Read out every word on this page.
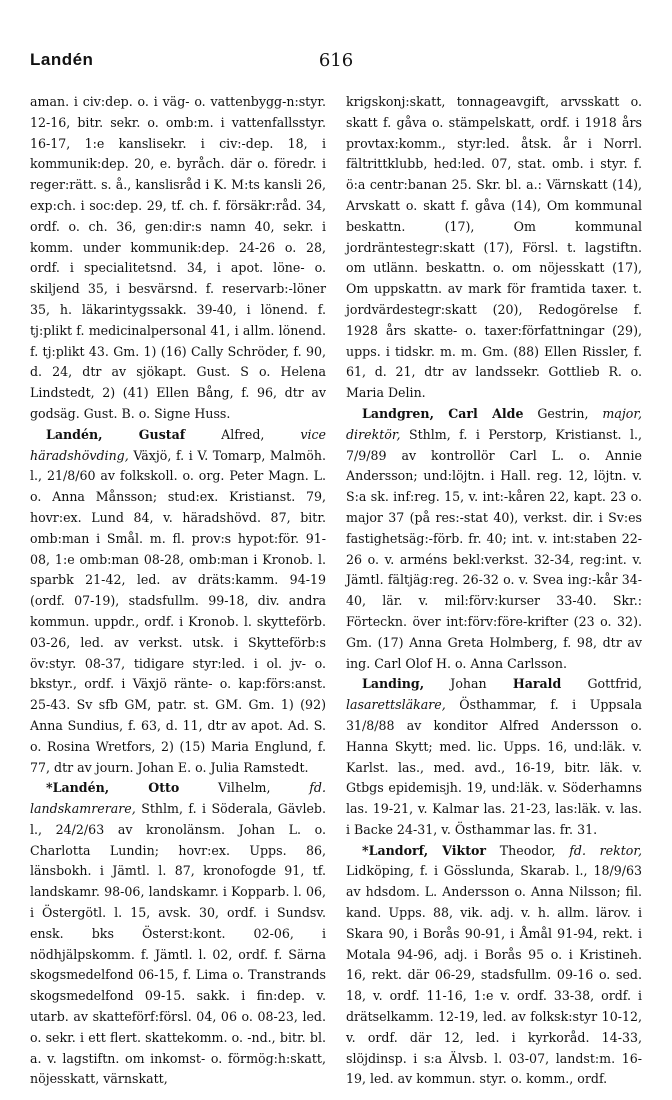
Landén	616

aman. i civ:dep. o. i väg- o. vattenbygg-n:styr. 12-16, bitr. sekr. o. omb:m. i vattenfallsstyr. 16-17, 1:e kanslisekr. i civ:-dep. 18, i kommunik:dep. 20, e. byråch. där o. föredr. i reger:rätt. s. å., kanslisråd i K. M:ts kansli 26, exp:ch. i soc:dep. 29, tf. ch. f. försäkr:råd. 34, ordf. o. ch. 36, gen:dir:s namn 40, sekr. i komm. under kommunik:dep. 24-26 o. 28, ordf. i specialitetsnd. 34, i apot. löne- o. skiljend 35, i besvärsnd. f. reservarb:-löner 35, h. läkarintygssakk. 39-40, i lönend. f. tj:plikt f. medicinalpersonal 41, i allm. lönend. f. tj:plikt 43. Gm. 1) (16) Cally Schröder, f. 90, d. 24, dtr av sjökapt. Gust. S o. Helena Lindstedt, 2) (41) Ellen Bång, f. 96, dtr av godsäg. Gust. B. o. Signe Huss.

Landén, Gustaf	Alfred,	vice häradshövding, Växjö, f. i V. Tomarp, Malmöh. l., 21/8/60 av folkskoll. o. org. Peter Magn. L. o. Anna Månsson; stud:ex. Kristianst. 79, hovr:ex. Lund 84, v. häradshövd. 87, bitr. omb:man i Smål. m. fl. prov:s hypot:för. 91-08, 1:e omb:man 08-28, omb:man i Kronob. l. sparbk 21-42, led. av dräts:kamm. 94-19 (ordf. 07-19), stadsfullm. 99-18, div. andra kommun. uppdr., ordf. i Kronob. l. skytteförb. 03-26, led. av verkst. utsk. i Skytteförb:s öv:styr. 08-37, tidigare styr:led. i ol. jv- o. bkstyr., ordf. i Växjö ränte- o. kap:förs:anst. 25-43. Sv sfb GM, patr. st. GM. Gm. 1) (92) Anna Sundius, f. 63, d. 11, dtr av apot. Ad. S. o. Rosina Wretfors, 2) (15) Maria Englund, f. 77, dtr av journ. Johan E. o. Julia Ramstedt.

*Landén, Otto	Vilhelm,	fd. landskamrerare, Sthlm, f. i Söderala, Gävleb. l., 24/2/63 av kronolänsm. Johan L. o. Charlotta Lundin; hovr:ex. Upps. 86, länsbokh. i Jämtl. l. 87, kronofogde 91, tf. landskamr. 98-06, landskamr. i Kopparb. l. 06, i Östergötl. l. 15, avsk. 30, ordf. i Sundsv. ensk. bks Österst:kont. 02-06, i nödhjälpskomm. f. Jämtl. l. 02, ordf. f. Särna skogsmedelfond 06-15, f. Lima o. Transtrands skogsmedelfond 09-15. sakk. i fin:dep. v. utarb. av skatteförf:försl. 04, 06 o. 08-23, led. o. sekr. i ett flert. skattekomm. o. -nd., bitr. bl. a. v. lagstiftn. om inkomst- o. förmög:h:skatt, nöjesskatt, värnskatt,

krigskonj:skatt, tonnageavgift, arvsskatt o. skatt f. gåva o. stämpelskatt, ordf. i 1918 års provtax:komm., styr:led. åtsk. år i Norrl. fältrittklubb, hed:led. 07, stat. omb. i styr. f. ö:a centr:banan 25. Skr. bl. a.: Värnskatt (14), Arvskatt o. skatt f. gåva (14), Om kommunal beskattn. (17), Om kommunal jordräntestegr:skatt (17), Försl. t. lagstiftn. om utlänn. beskattn. o. om nöjesskatt (17), Om uppskattn. av mark för framtida taxer. t. jordvärdestegr:skatt (20), Redogörelse f. 1928 års skatte- o. taxer:författningar (29), upps. i tidskr. m. m. Gm. (88) Ellen Rissler, f. 61, d. 21, dtr av landssekr. Gottlieb R. o. Maria Delin.

Landgren, Carl Alde Gestrin, major, direktör, Sthlm, f. i Perstorp, Kristianst. l., 7/9/89 av kontrollör Carl L. o. Annie Andersson; und:löjtn. i Hall. reg. 12, löjtn. v. S:a sk. inf:reg. 15, v. int:-kåren 22, kapt. 23 o. major 37 (på res:-stat 40), verkst. dir. i Sv:es fastighetsäg:-förb. fr. 40; int. v. int:staben 22-26 o. v. arméns bekl:verkst. 32-34, reg:int. v. Jämtl. fältjäg:reg. 26-32 o. v. Svea ing:-kår 34-40, lär. v. mil:förv:kurser 33-40. Skr.: Förteckn. över int:förv:före-krifter (23 o. 32). Gm. (17) Anna Greta Holmberg, f. 98, dtr av ing. Carl Olof H. o. Anna Carlsson.

Landing, Johan Harald Gottfrid, lasarettsläkare, Östhammar, f. i Uppsala 31/8/88 av konditor Alfred Andersson o. Hanna Skytt; med. lic. Upps. 16, und:läk. v. Karlst. las., med. avd., 16-19, bitr. läk. v. Gtbgs epidemisjh. 19, und:läk. v. Söderhamns las. 19-21, v. Kalmar las. 21-23, las:läk. v. las. i Backe 24-31, v. Östhammar las. fr. 31.

*Landorf, Viktor Theodor, fd. rektor, Lidköping, f. i Gösslunda, Skarab. l., 18/9/63 av hdsdom. L. Andersson o. Anna Nilsson; fil. kand. Upps. 88, vik. adj. v. h. allm. lärov. i Skara 90, i Borås 90-91, i Åmål 91-94, rekt. i Motala 94-96, adj. i Borås 95 o. i Kristineh. 16, rekt. där 06-29, stadsfullm. 09-16 o. sed. 18, v. ordf. 11-16, 1:e v. ordf. 33-38, ordf. i drätselkamm. 12-19, led. av folksk:styr 10-12, v. ordf. där 12, led. i kyrkoråd. 14-33, slöjdinsp. i s:a Älvsb. l. 03-07, landst:m. 16-19, led. av kommun. styr. o. komm., ordf.
